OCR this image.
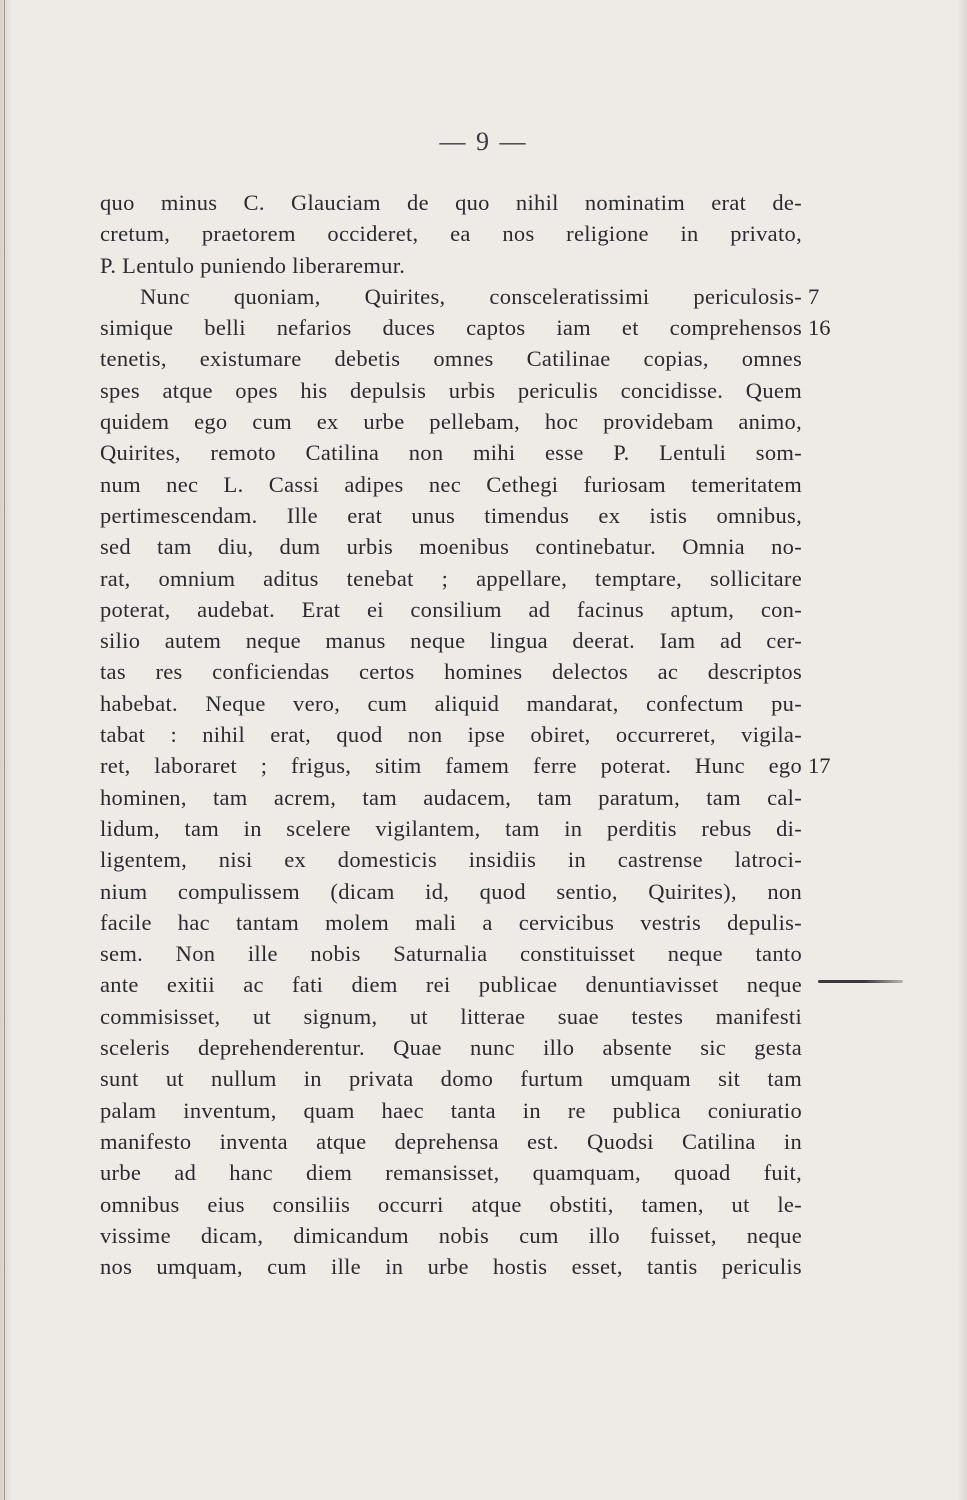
— 9 —
quo minus C. Glauciam de quo nihil nominatim erat de-
cretum, praetorem occideret, ea nos religione in privato,
P. Lentulo puniendo liberaremur.
Nunc quoniam, Quirites, consceleratissimi periculosis-
simique belli nefarios duces captos iam et comprehensos
tenetis, existumare debetis omnes Catilinae copias, omnes
spes atque opes his depulsis urbis periculis concidisse. Quem
quidem ego cum ex urbe pellebam, hoc providebam animo,
Quirites, remoto Catilina non mihi esse P. Lentuli som-
num nec L. Cassi adipes nec Cethegi furiosam temeritatem
pertimescendam. Ille erat unus timendus ex istis omnibus,
sed tam diu, dum urbis moenibus continebatur. Omnia no-
rat, omnium aditus tenebat ; appellare, temptare, sollicitare
poterat, audebat. Erat ei consilium ad facinus aptum, con-
silio autem neque manus neque lingua deerat. Iam ad cer-
tas res conficiendas certos homines delectos ac descriptos
habebat. Neque vero, cum aliquid mandarat, confectum pu-
tabat : nihil erat, quod non ipse obiret, occurreret, vigila-
ret, laboraret ; frigus, sitim famem ferre poterat. Hunc ego
hominen, tam acrem, tam audacem, tam paratum, tam cal-
lidum, tam in scelere vigilantem, tam in perditis rebus di-
ligentem, nisi ex domesticis insidiis in castrense latroci-
nium compulissem (dicam id, quod sentio, Quirites), non
facile hac tantam molem mali a cervicibus vestris depulis-
sem. Non ille nobis Saturnalia constituisset neque tanto
ante exitii ac fati diem rei publicae denuntiavisset neque
commisisset, ut signum, ut litterae suae testes manifesti
sceleris deprehenderentur. Quae nunc illo absente sic gesta
sunt ut nullum in privata domo furtum umquam sit tam
palam inventum, quam haec tanta in re publica coniuratio
manifesto inventa atque deprehensa est. Quodsi Catilina in
urbe ad hanc diem remansisset, quamquam, quoad fuit,
omnibus eius consiliis occurri atque obstiti, tamen, ut le-
vissime dicam, dimicandum nobis cum illo fuisset, neque
nos umquam, cum ille in urbe hostis esset, tantis periculis
7
16
17
